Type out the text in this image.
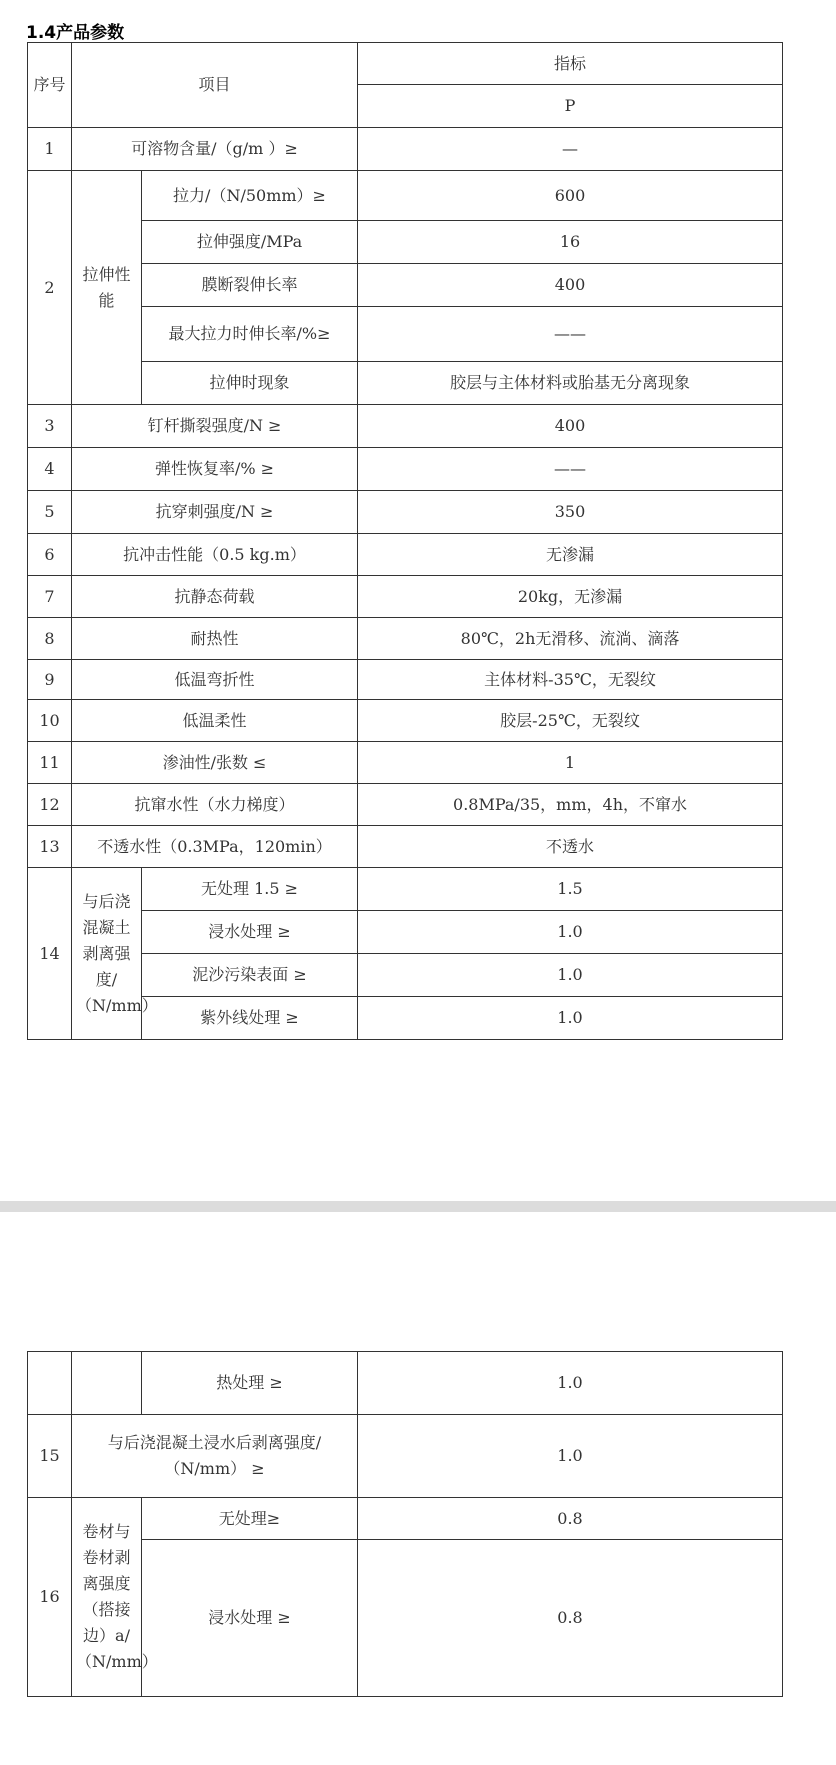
1.4产品参数
序号	项目		指标
			P
1	可溶物含量/（g/m ）≥		—
2	拉伸性能	拉力/（N/50mm）≥	600
		拉伸强度/MPa	16
		膜断裂伸长率	400
		最大拉力时伸长率/%≥	——
		拉伸时现象	胶层与主体材料或胎基无分离现象
3	钉杆撕裂强度/N ≥		400
4	弹性恢复率/% ≥		——
5	抗穿刺强度/N ≥		350
6	抗冲击性能（0.5 kg.m）		无渗漏
7	抗静态荷载		20kg，无渗漏
8	耐热性		80℃，2h无滑移、流淌、滴落
9	低温弯折性		主体材料-35℃，无裂纹
10	低温柔性		胶层-25℃，无裂纹
11	渗油性/张数 ≤		1
12	抗窜水性（水力梯度）		0.8MPa/35，mm，4h，不窜水
13	不透水性（0.3MPa，120min）		不透水
14	与后浇混凝土剥离强度/（N/mm）	无处理 1.5 ≥	1.5
		浸水处理 ≥	1.0
		泥沙污染表面 ≥	1.0
		紫外线处理 ≥	1.0
		热处理 ≥	1.0
15	与后浇混凝土浸水后剥离强度/（N/mm） ≥		1.0
16	卷材与卷材剥离强度（搭接边）a/（N/mm）	无处理≥	0.8
		浸水处理 ≥	0.8
